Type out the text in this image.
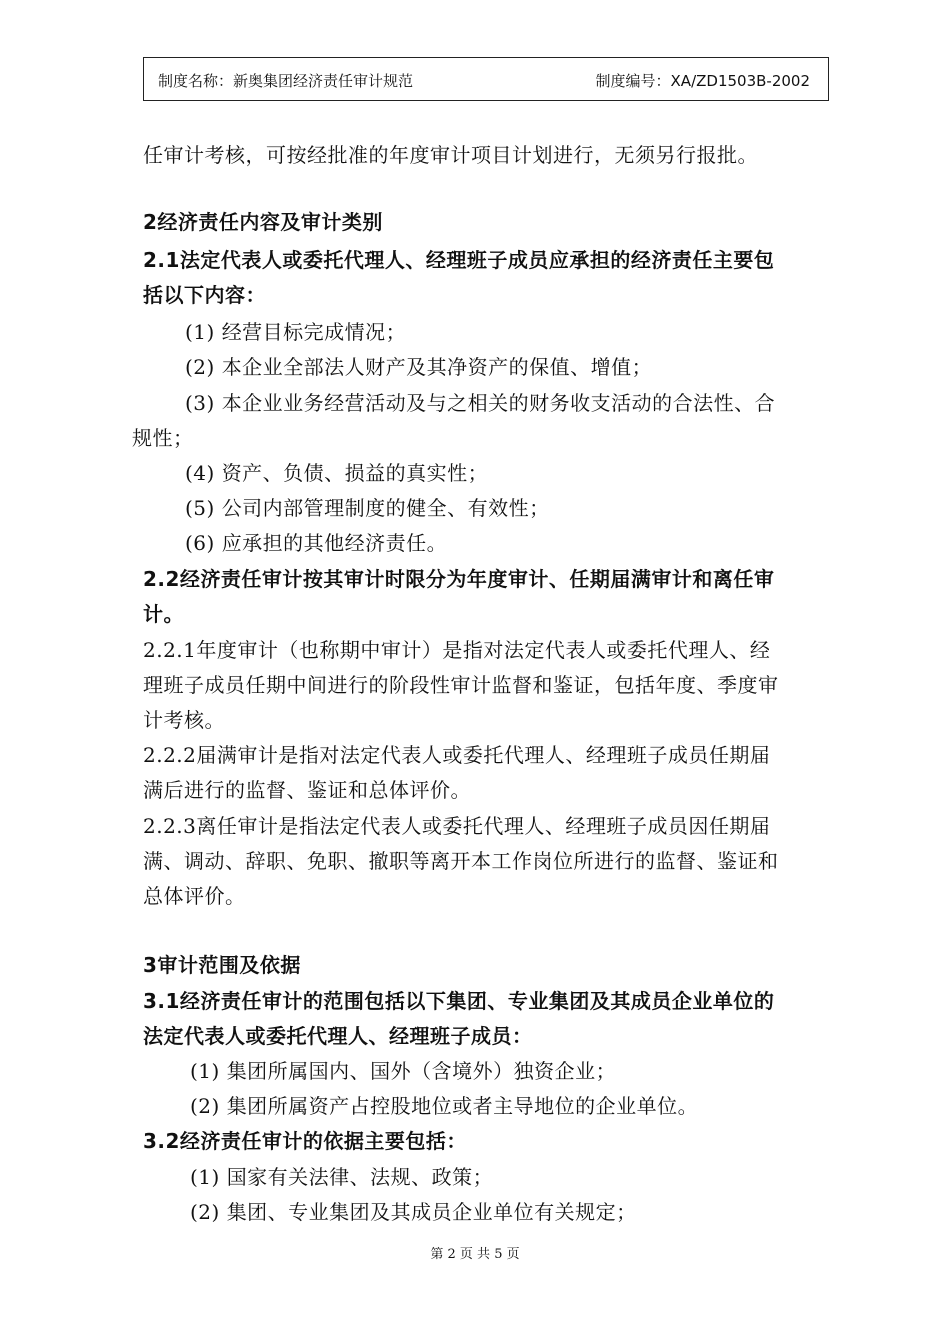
制度名称：新奥集团经济责任审计规范	制度编号：XA/ZD1503B-2002
任审计考核，可按经批准的年度审计项目计划进行，无须另行报批。
2经济责任内容及审计类别
2.1法定代表人或委托代理人、经理班子成员应承担的经济责任主要包
括以下内容：
(1) 经营目标完成情况；
(2) 本企业全部法人财产及其净资产的保值、增值；
(3) 本企业业务经营活动及与之相关的财务收支活动的合法性、合
规性；
(4) 资产、负债、损益的真实性；
(5) 公司内部管理制度的健全、有效性；
(6) 应承担的其他经济责任。
2.2经济责任审计按其审计时限分为年度审计、任期届满审计和离任审
计。
2.2.1年度审计（也称期中审计）是指对法定代表人或委托代理人、经
理班子成员任期中间进行的阶段性审计监督和鉴证，包括年度、季度审
计考核。
2.2.2届满审计是指对法定代表人或委托代理人、经理班子成员任期届
满后进行的监督、鉴证和总体评价。
2.2.3离任审计是指法定代表人或委托代理人、经理班子成员因任期届
满、调动、辞职、免职、撤职等离开本工作岗位所进行的监督、鉴证和
总体评价。
3审计范围及依据
3.1经济责任审计的范围包括以下集团、专业集团及其成员企业单位的
法定代表人或委托代理人、经理班子成员：
(1) 集团所属国内、国外（含境外）独资企业；
(2) 集团所属资产占控股地位或者主导地位的企业单位。
3.2经济责任审计的依据主要包括：
(1) 国家有关法律、法规、政策；
(2) 集团、专业集团及其成员企业单位有关规定；
第 2 页 共 5 页
